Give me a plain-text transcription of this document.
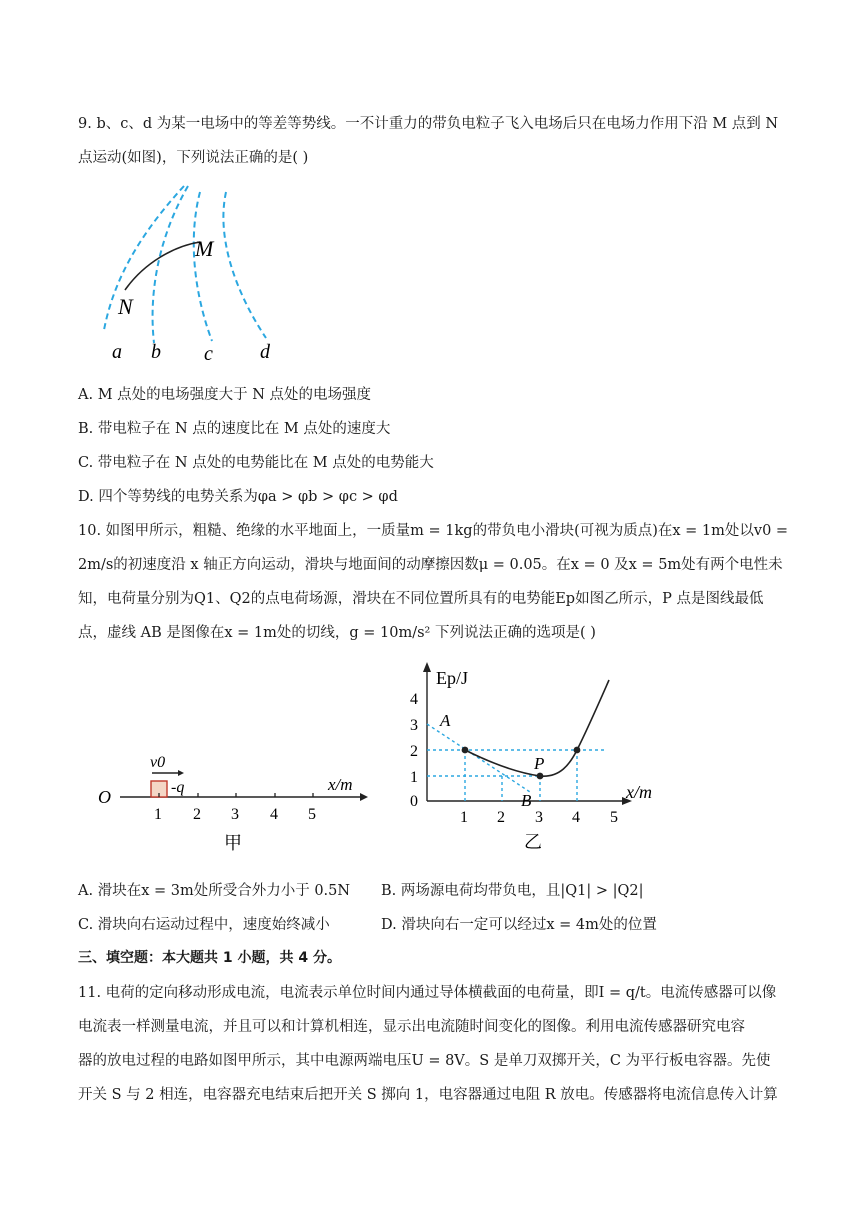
9. b、c、d 为某一电场中的等差等势线。一不计重力的带负电粒子飞入电场后只在电场力作用下沿 M 点到 N
点运动(如图)，下列说法正确的是( )
M
N
a b c d
A. M 点处的电场强度大于 N 点处的电场强度
B. 带电粒子在 N 点的速度比在 M 点处的速度大
C. 带电粒子在 N 点处的电势能比在 M 点处的电势能大
D. 四个等势线的电势关系为φa > φb > φc > φd
10. 如图甲所示，粗糙、绝缘的水平地面上，一质量m = 1kg的带负电小滑块(可视为质点)在x = 1m处以v0 =
2m/s的初速度沿 x 轴正方向运动，滑块与地面间的动摩擦因数μ = 0.05。在x = 0 及x = 5m处有两个电性未
知，电荷量分别为Q1、Q2的点电荷场源，滑块在不同位置所具有的电势能Ep如图乙所示，P 点是图线最低
点，虚线 AB 是图像在x = 1m处的切线，g = 10m/s² 下列说法正确的选项是( )
O
v0
-q	x/m
1 2 3 4 5
甲
Ep/J
x/m
0
1
2
3
4
1 2 3 4 5
A
B
P
乙
A. 滑块在x = 3m处所受合外力小于 0.5N B. 两场源电荷均带负电，且|Q1| > |Q2|
C. 滑块向右运动过程中，速度始终减小	D. 滑块向右一定可以经过x = 4m处的位置
三、填空题：本大题共 1 小题，共 4 分。
11. 电荷的定向移动形成电流，电流表示单位时间内通过导体横截面的电荷量，即I = q/t。电流传感器可以像
电流表一样测量电流，并且可以和计算机相连，显示出电流随时间变化的图像。利用电流传感器研究电容
器的放电过程的电路如图甲所示，其中电源两端电压U = 8V。S 是单刀双掷开关，C 为平行板电容器。先使
开关 S 与 2 相连，电容器充电结束后把开关 S 掷向 1，电容器通过电阻 R 放电。传感器将电流信息传入计算
